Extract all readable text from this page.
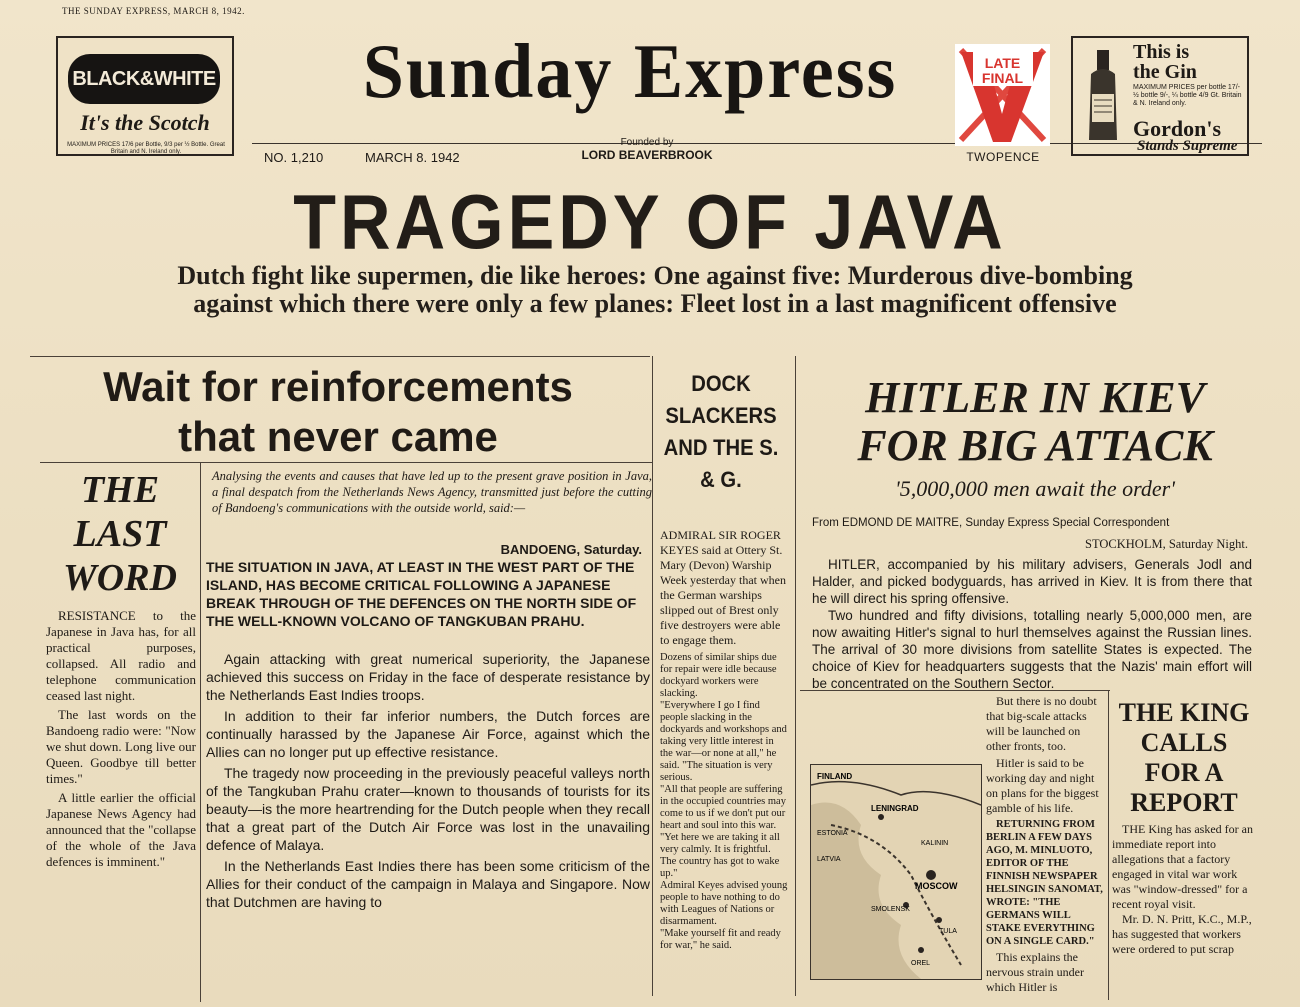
THE SUNDAY EXPRESS, MARCH 8, 1942.
BLACK&WHITE
It's the Scotch
MAXIMUM PRICES 17/6 per Bottle, 9/3 per ½ Bottle. Great Britain and N. Ireland only.
Sunday Express
NO. 1,210	MARCH 8. 1942
Founded by
LORD BEAVERBROOK
LATE
FINAL
TWOPENCE
This is
the Gin
MAXIMUM PRICES per bottle 17/- ½ bottle 9/-, ¼ bottle 4/9 Gt. Britain & N. Ireland only.
Gordon's
Stands Supreme
TRAGEDY OF JAVA
Dutch fight like supermen, die like heroes: One against five: Murderous dive-bombing against which there were only a few planes: Fleet lost in a last magnificent offensive
Wait for reinforcements
that never came
THE LAST WORD

RESISTANCE to the Japanese in Java has, for all practical purposes, collapsed. All radio and telephone communication ceased last night.

The last words on the Bandoeng radio were: "Now we shut down. Long live our Queen. Goodbye till better times."

A little earlier the official Japanese News Agency had announced that the "collapse of the whole of the Java defences is imminent."

Analysing the events and causes that have led up to the present grave position in Java, a final despatch from the Netherlands News Agency, transmitted just before the cutting of Bandoeng's communications with the outside world, said:—
BANDOENG, Saturday.
THE SITUATION IN JAVA, AT LEAST IN THE WEST PART OF THE ISLAND, HAS BECOME CRITICAL FOLLOWING A JAPANESE BREAK THROUGH OF THE DEFENCES ON THE NORTH SIDE OF THE WELL-KNOWN VOLCANO OF TANGKUBAN PRAHU.

Again attacking with great numerical superiority, the Japanese achieved this success on Friday in the face of desperate resistance by the Netherlands East Indies troops.

In addition to their far inferior numbers, the Dutch forces are continually harassed by the Japanese Air Force, against which the Allies can no longer put up effective resistance.

The tragedy now proceeding in the previously peaceful valleys north of the Tangkuban Prahu crater—known to thousands of tourists for its beauty—is the more heartrending for the Dutch people when they recall that a great part of the Dutch Air Force was lost in the unavailing defence of Malaya.

In the Netherlands East Indies there has been some criticism of the Allies for their conduct of the campaign in Malaya and Singapore. Now that Dutchmen are having to

DOCK SLACKERS AND THE S. & G.

ADMIRAL SIR ROGER KEYES said at Ottery St. Mary (Devon) Warship Week yesterday that when the German warships slipped out of Brest only five destroyers were able to engage them.

Dozens of similar ships due for repair were idle because dockyard workers were slacking.

"Everywhere I go I find people slacking in the dockyards and workshops and taking very little interest in the war—or none at all," he said. "The situation is very serious.

"All that people are suffering in the occupied countries may come to us if we don't put our heart and soul into this war.

"Yet here we are taking it all very calmly. It is frightful. The country has got to wake up."

Admiral Keyes advised young people to have nothing to do with Leagues of Nations or disarmament.

"Make yourself fit and ready for war," he said.

HITLER IN KIEV
FOR BIG ATTACK
'5,000,000 men await the order'
From EDMOND DE MAITRE, Sunday Express Special Correspondent
STOCKHOLM, Saturday Night.

HITLER, accompanied by his military advisers, Generals Jodl and Halder, and picked bodyguards, has arrived in Kiev. It is from there that he will direct his spring offensive.

Two hundred and fifty divisions, totalling nearly 5,000,000 men, are now awaiting Hitler's signal to hurl themselves against the Russian lines. The arrival of 30 more divisions from satellite States is expected. The choice of Kiev for headquarters suggests that the Nazis' main effort will be concentrated on the Southern Sector.

FINLAND
LENINGRAD
ESTONIA
LATVIA
KALININ
MOSCOW
SMOLENSK
TULA
OREL

But there is no doubt that big-scale attacks will be launched on other fronts, too.

Hitler is said to be working day and night on plans for the biggest gamble of his life.

RETURNING FROM BERLIN A FEW DAYS AGO, M. MINLUOTO, EDITOR OF THE FINNISH NEWSPAPER HELSINGIN SANOMAT, WROTE: "THE GERMANS WILL STAKE EVERYTHING ON A SINGLE CARD."

This explains the nervous strain under which Hitler is

THE KING CALLS FOR A REPORT

THE King has asked for an immediate report into allegations that a factory engaged in vital war work was "window-dressed" for a recent royal visit.

Mr. D. N. Pritt, K.C., M.P., has suggested that workers were ordered to put scrap
